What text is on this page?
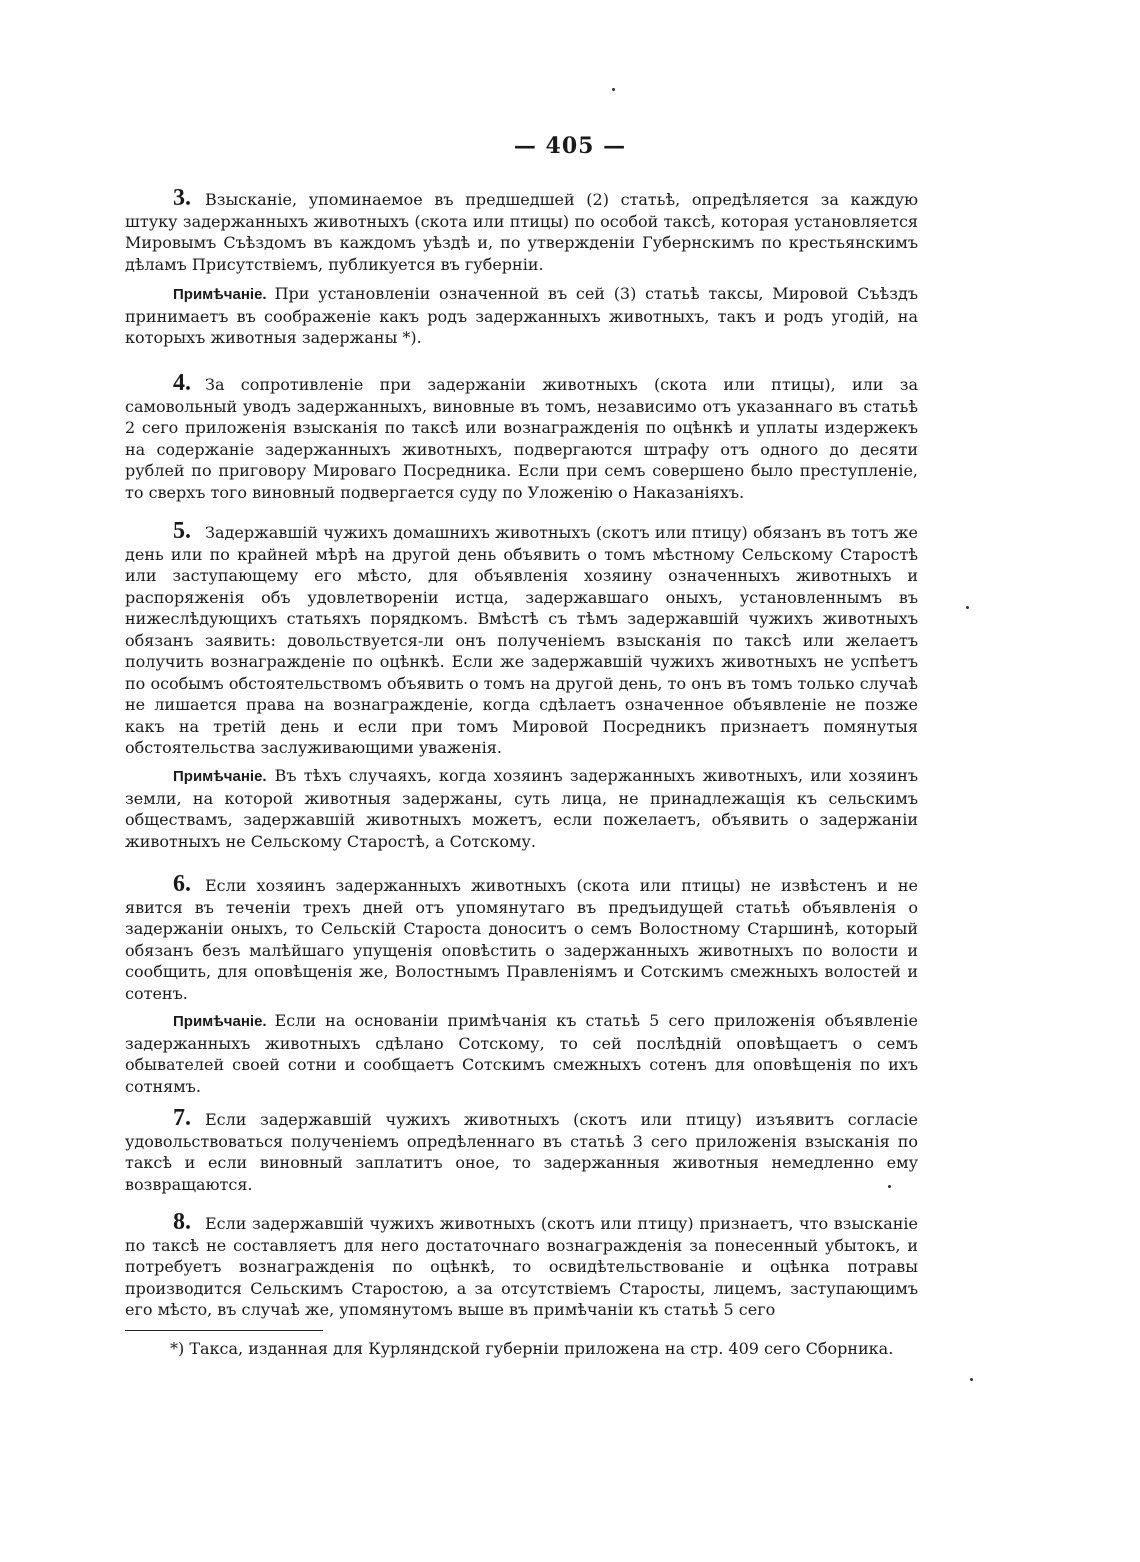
— 405 —
3. Взысканіе, упоминаемое въ предшедшей (2) статьѣ, опредѣляется за каждую штуку задержанныхъ животныхъ (скота или птицы) по особой таксѣ, которая установляется Мировымъ Съѣздомъ въ каждомъ уѣздѣ и, по утвержденіи Губернскимъ по крестьянскимъ дѣламъ Присутствіемъ, публикуется въ губерніи.
Примѣчаніе. При установленіи означенной въ сей (3) статьѣ таксы, Мировой Съѣздъ принимаетъ въ соображеніе какъ родъ задержанныхъ животныхъ, такъ и родъ угодій, на которыхъ животныя задержаны *).
4. За сопротивленіе при задержаніи животныхъ (скота или птицы), или за самовольный уводъ задержанныхъ, виновные въ томъ, независимо отъ указаннаго въ статьѣ 2 сего приложенія взысканія по таксѣ или вознагражденія по оцѣнкѣ и уплаты издержекъ на содержаніе задержанныхъ животныхъ, подвергаются штрафу отъ одного до десяти рублей по приговору Мироваго Посредника. Если при семъ совершено было преступленіе, то сверхъ того виновный подвергается суду по Уложенію о Наказаніяхъ.
5. Задержавшій чужихъ домашнихъ животныхъ (скотъ или птицу) обязанъ въ тотъ же день или по крайней мѣрѣ на другой день объявить о томъ мѣстному Сельскому Старостѣ или заступающему его мѣсто, для объявленія хозяину означенныхъ животныхъ и распоряженія объ удовлетвореніи истца, задержавшаго оныхъ, установленнымъ въ нижеслѣдующихъ статьяхъ порядкомъ. Вмѣстѣ съ тѣмъ задержавшій чужихъ животныхъ обязанъ заявить: довольствуется-ли онъ полученіемъ взысканія по таксѣ или желаетъ получить вознагражденіе по оцѣнкѣ. Если же задержавшій чужихъ животныхъ не успѣетъ по особымъ обстоятельствомъ объявить о томъ на другой день, то онъ въ томъ только случаѣ не лишается права на вознагражденіе, когда сдѣлаетъ означенное объявленіе не позже какъ на третій день и если при томъ Мировой Посредникъ признаетъ помянутыя обстоятельства заслуживающими уваженія.
Примѣчаніе. Въ тѣхъ случаяхъ, когда хозяинъ задержанныхъ животныхъ, или хозяинъ земли, на которой животныя задержаны, суть лица, не принадлежащія къ сельскимъ обществамъ, задержавшій животныхъ можетъ, если пожелаетъ, объявить о задержаніи животныхъ не Сельскому Старостѣ, а Сотскому.
6. Если хозяинъ задержанныхъ животныхъ (скота или птицы) не извѣстенъ и не явится въ теченіи трехъ дней отъ упомянутаго въ предъидущей статьѣ объявленія о задержаніи оныхъ, то Сельскій Староста доноситъ о семъ Волостному Старшинѣ, который обязанъ безъ малѣйшаго упущенія оповѣстить о задержанныхъ животныхъ по волости и сообщить, для оповѣщенія же, Волостнымъ Правленіямъ и Сотскимъ смежныхъ волостей и сотенъ.
Примѣчаніе. Если на основаніи примѣчанія къ статьѣ 5 сего приложенія объявленіе задержанныхъ животныхъ сдѣлано Сотскому, то сей послѣдній оповѣщаетъ о семъ обывателей своей сотни и сообщаетъ Сотскимъ смежныхъ сотенъ для оповѣщенія по ихъ сотнямъ.
7. Если задержавшій чужихъ животныхъ (скотъ или птицу) изъявитъ согласіе удовольствоваться полученіемъ опредѣленнаго въ статьѣ 3 сего приложенія взысканія по таксѣ и если виновный заплатитъ оное, то задержанныя животныя немедленно ему возвращаются.
8. Если задержавшій чужихъ животныхъ (скотъ или птицу) признаетъ, что взысканіе по таксѣ не составляетъ для него достаточнаго вознагражденія за понесенный убытокъ, и потребуетъ вознагражденія по оцѣнкѣ, то освидѣтельствованіе и оцѣнка потравы производится Сельскимъ Старостою, а за отсутствіемъ Старосты, лицемъ, заступающимъ его мѣсто, въ случаѣ же, упомянутомъ выше въ примѣчаніи къ статьѣ 5 сего
*) Такса, изданная для Курляндской губерніи приложена на стр. 409 сего Сборника.
